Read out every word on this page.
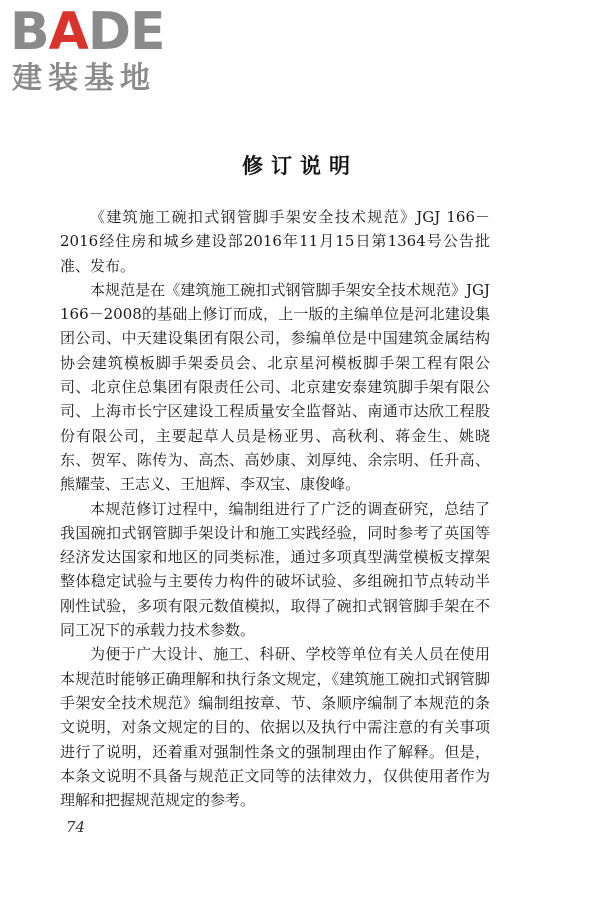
BADE
建装基地
修订说明

《建筑施工碗扣式钢管脚手架安全技术规范》JGJ 166－2016经住房和城乡建设部2016年11月15日第1364号公告批准、发布。

本规范是在《建筑施工碗扣式钢管脚手架安全技术规范》JGJ 166－2008的基础上修订而成，上一版的主编单位是河北建设集团公司、中天建设集团有限公司，参编单位是中国建筑金属结构协会建筑模板脚手架委员会、北京星河模板脚手架工程有限公司、北京住总集团有限责任公司、北京建安泰建筑脚手架有限公司、上海市长宁区建设工程质量安全监督站、南通市达欣工程股份有限公司，主要起草人员是杨亚男、高秋利、蒋金生、姚晓东、贺军、陈传为、高杰、高妙康、刘厚纯、余宗明、任升高、熊耀莹、王志义、王旭辉、李双宝、康俊峰。

本规范修订过程中，编制组进行了广泛的调查研究，总结了我国碗扣式钢管脚手架设计和施工实践经验，同时参考了英国等经济发达国家和地区的同类标准，通过多项真型满堂模板支撑架整体稳定试验与主要传力构件的破坏试验、多组碗扣节点转动半刚性试验，多项有限元数值模拟，取得了碗扣式钢管脚手架在不同工况下的承载力技术参数。

为便于广大设计、施工、科研、学校等单位有关人员在使用本规范时能够正确理解和执行条文规定，《建筑施工碗扣式钢管脚手架安全技术规范》编制组按章、节、条顺序编制了本规范的条文说明，对条文规定的目的、依据以及执行中需注意的有关事项进行了说明，还着重对强制性条文的强制理由作了解释。但是，本条文说明不具备与规范正文同等的法律效力，仅供使用者作为理解和把握规范规定的参考。

74
